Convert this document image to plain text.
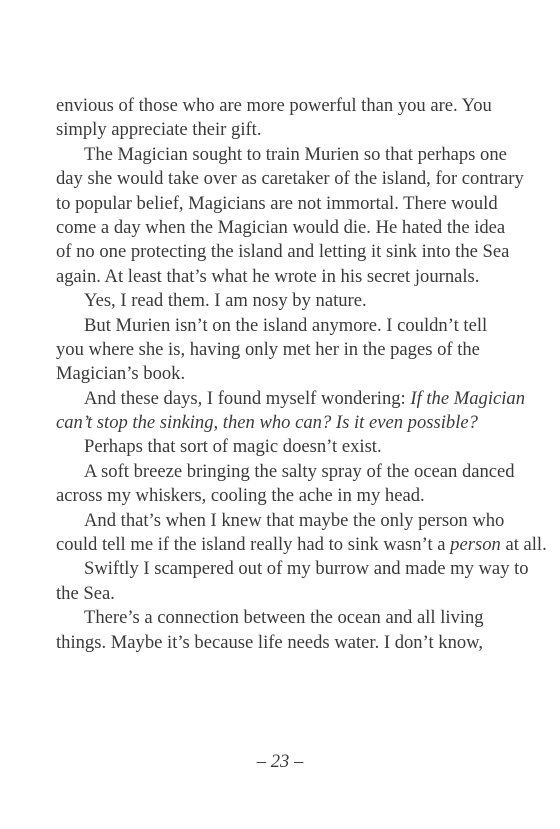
envious of those who are more powerful than you are. You

simply appreciate their gift.

The Magician sought to train Murien so that perhaps one

day she would take over as caretaker of the island, for contrary

to popular belief, Magicians are not immortal. There would

come a day when the Magician would die. He hated the idea

of no one protecting the island and letting it sink into the Sea

again. At least that’s what he wrote in his secret journals.

Yes, I read them. I am nosy by nature.

But Murien isn’t on the island anymore. I couldn’t tell

you where she is, having only met her in the pages of the

Magician’s book.

And these days, I found myself wondering: If the Magician

can’t stop the sinking, then who can? Is it even possible?

Perhaps that sort of magic doesn’t exist.

A soft breeze bringing the salty spray of the ocean danced

across my whiskers, cooling the ache in my head.

And that’s when I knew that maybe the only person who

could tell me if the island really had to sink wasn’t a person at all.

Swiftly I scampered out of my burrow and made my way to

the Sea.

There’s a connection between the ocean and all living

things. Maybe it’s because life needs water. I don’t know,

– 23 –
